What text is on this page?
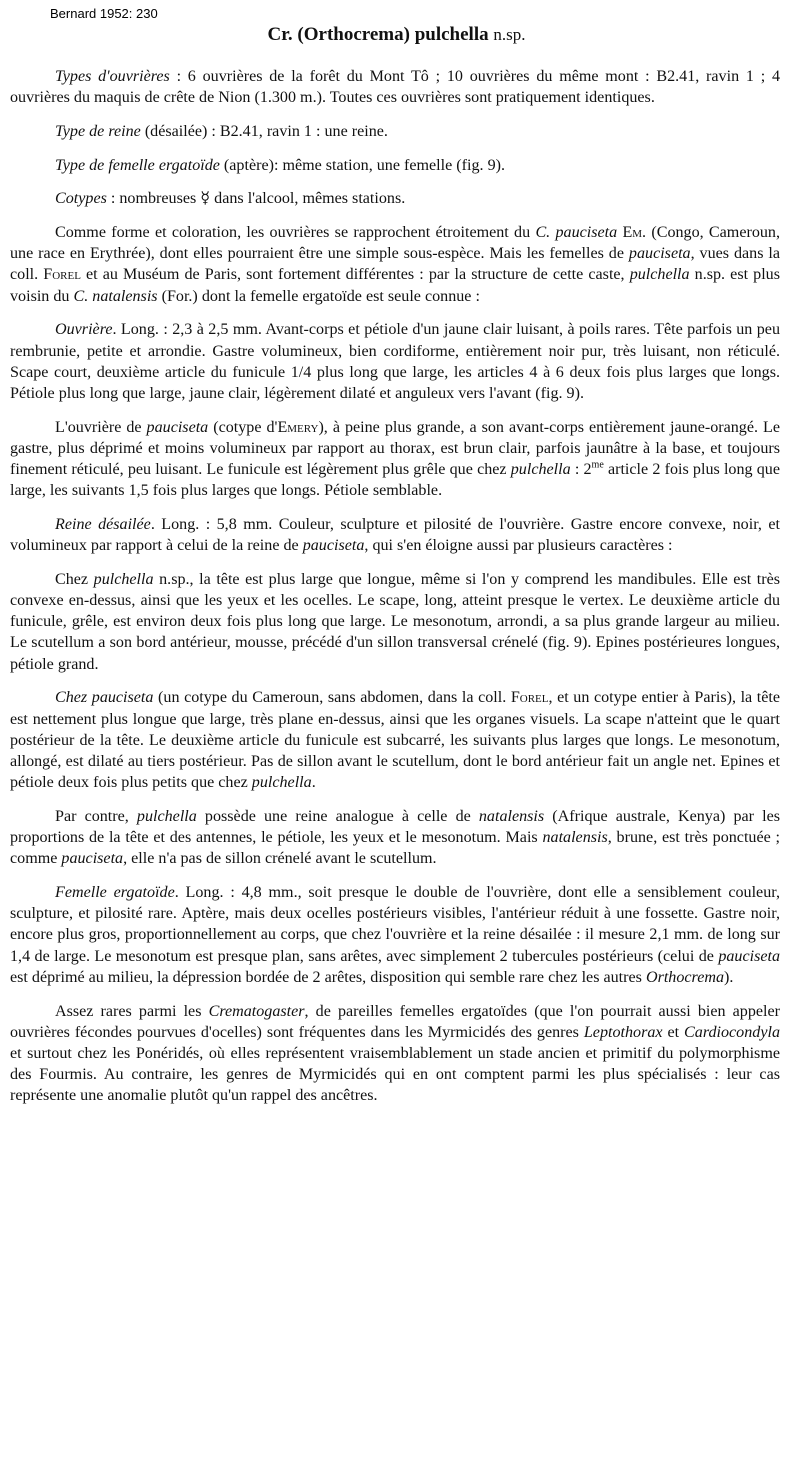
Bernard 1952: 230
Cr. (Orthocrema) pulchella n.sp.

Types d'ouvrières : 6 ouvrières de la forêt du Mont Tô ; 10 ouvrières du même mont : B2.41, ravin 1 ; 4 ouvrières du maquis de crête de Nion (1.300 m.). Toutes ces ouvrières sont pratiquement identiques.

Type de reine (désailée) : B2.41, ravin 1 : une reine.

Type de femelle ergatoïde (aptère): même station, une femelle (fig. 9).

Cotypes : nombreuses ☿ dans l'alcool, mêmes stations.

Comme forme et coloration, les ouvrières se rapprochent étroitement du C. pauciseta Em. (Congo, Cameroun, une race en Erythrée), dont elles pourraient être une simple sous-espèce. Mais les femelles de pauciseta, vues dans la coll. Forel et au Muséum de Paris, sont fortement différentes : par la structure de cette caste, pulchella n.sp. est plus voisin du C. natalensis (For.) dont la femelle ergatoïde est seule connue :

Ouvrière. Long. : 2,3 à 2,5 mm. Avant-corps et pétiole d'un jaune clair luisant, à poils rares. Tête parfois un peu rembrunie, petite et arrondie. Gastre volumineux, bien cordiforme, entièrement noir pur, très luisant, non réticulé. Scape court, deuxième article du funicule 1/4 plus long que large, les articles 4 à 6 deux fois plus larges que longs. Pétiole plus long que large, jaune clair, légèrement dilaté et anguleux vers l'avant (fig. 9).

L'ouvrière de pauciseta (cotype d'Emery), à peine plus grande, a son avant-corps entièrement jaune-orangé. Le gastre, plus déprimé et moins volumineux par rapport au thorax, est brun clair, parfois jaunâtre à la base, et toujours finement réticulé, peu luisant. Le funicule est légèrement plus grêle que chez pulchella : $2^{me}$ article 2 fois plus long que large, les suivants 1,5 fois plus larges que longs. Pétiole semblable.

Reine désailée. Long. : 5,8 mm. Couleur, sculpture et pilosité de l'ouvrière. Gastre encore convexe, noir, et volumineux par rapport à celui de la reine de pauciseta, qui s'en éloigne aussi par plusieurs caractères :

Chez pulchella n.sp., la tête est plus large que longue, même si l'on y comprend les mandibules. Elle est très convexe en-dessus, ainsi que les yeux et les ocelles. Le scape, long, atteint presque le vertex. Le deuxième article du funicule, grêle, est environ deux fois plus long que large. Le mesonotum, arrondi, a sa plus grande largeur au milieu. Le scutellum a son bord antérieur, mousse, précédé d'un sillon transversal crénelé (fig. 9). Epines postérieures longues, pétiole grand.

Chez pauciseta (un cotype du Cameroun, sans abdomen, dans la coll. Forel, et un cotype entier à Paris), la tête est nettement plus longue que large, très plane en-dessus, ainsi que les organes visuels. La scape n'atteint que le quart postérieur de la tête. Le deuxième article du funicule est subcarré, les suivants plus larges que longs. Le mesonotum, allongé, est dilaté au tiers postérieur. Pas de sillon avant le scutellum, dont le bord antérieur fait un angle net. Epines et pétiole deux fois plus petits que chez pulchella.

Par contre, pulchella possède une reine analogue à celle de natalensis (Afrique australe, Kenya) par les proportions de la tête et des antennes, le pétiole, les yeux et le mesonotum. Mais natalensis, brune, est très ponctuée ; comme pauciseta, elle n'a pas de sillon crénelé avant le scutellum.

Femelle ergatoïde. Long. : 4,8 mm., soit presque le double de l'ouvrière, dont elle a sensiblement couleur, sculpture, et pilosité rare. Aptère, mais deux ocelles postérieurs visibles, l'antérieur réduit à une fossette. Gastre noir, encore plus gros, proportionnellement au corps, que chez l'ouvrière et la reine désailée : il mesure 2,1 mm. de long sur 1,4 de large. Le mesonotum est presque plan, sans arêtes, avec simplement 2 tubercules postérieurs (celui de pauciseta est déprimé au milieu, la dépression bordée de 2 arêtes, disposition qui semble rare chez les autres Orthocrema).

Assez rares parmi les Crematogaster, de pareilles femelles ergatoïdes (que l'on pourrait aussi bien appeler ouvrières fécondes pourvues d'ocelles) sont fréquentes dans les Myrmicidés des genres Leptothorax et Cardiocondyla et surtout chez les Ponéridés, où elles représentent vraisemblablement un stade ancien et primitif du polymorphisme des Fourmis. Au contraire, les genres de Myrmicidés qui en ont comptent parmi les plus spécialisés : leur cas représente une anomalie plutôt qu'un rappel des ancêtres.
